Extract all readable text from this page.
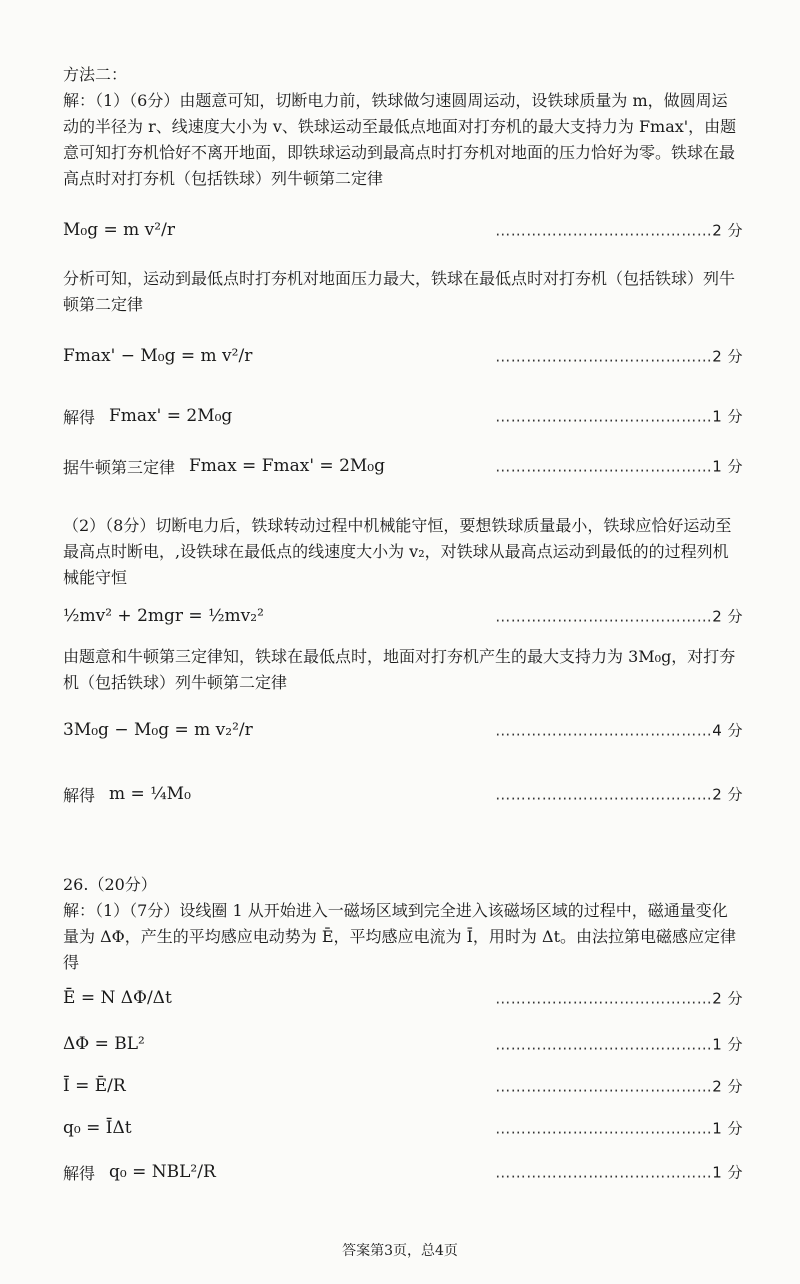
方法二：

解：（1）（6分）由题意可知，切断电力前，铁球做匀速圆周运动，设铁球质量为 m，做圆周运动的半径为 r、线速度大小为 v、铁球运动至最低点地面对打夯机的最大支持力为 Fmax'，由题意可知打夯机恰好不离开地面，即铁球运动到最高点时打夯机对地面的压力恰好为零。铁球在最高点时对打夯机（包括铁球）列牛顿第二定律

M₀g = m v²/r	……………………………………2 分

分析可知，运动到最低点时打夯机对地面压力最大，铁球在最低点时对打夯机（包括铁球）列牛顿第二定律

Fmax' − M₀g = m v²/r	……………………………………2 分
解得 Fmax' = 2M₀g	……………………………………1 分
据牛顿第三定律 Fmax = Fmax' = 2M₀g	……………………………………1 分

（2）（8分）切断电力后，铁球转动过程中机械能守恒，要想铁球质量最小，铁球应恰好运动至最高点时断电，,设铁球在最低点的线速度大小为 v₂，对铁球从最高点运动到最低的的过程列机械能守恒

½mv² + 2mgr = ½mv₂²	……………………………………2 分

由题意和牛顿第三定律知，铁球在最低点时，地面对打夯机产生的最大支持力为 3M₀g，对打夯机（包括铁球）列牛顿第二定律

3M₀g − M₀g = m v₂²/r	……………………………………4 分
解得 m = ¼M₀	……………………………………2 分

26.（20分）

解：（1）（7分）设线圈 1 从开始进入一磁场区域到完全进入该磁场区域的过程中，磁通量变化量为 ΔΦ，产生的平均感应电动势为 Ē，平均感应电流为 Ī，用时为 Δt。由法拉第电磁感应定律得

Ē = N ΔΦ/Δt	……………………………………2 分
ΔΦ = BL²	……………………………………1 分
Ī = Ē/R	……………………………………2 分
q₀ = ĪΔt	……………………………………1 分
解得 q₀ = NBL²/R	……………………………………1 分
答案第3页，总4页
